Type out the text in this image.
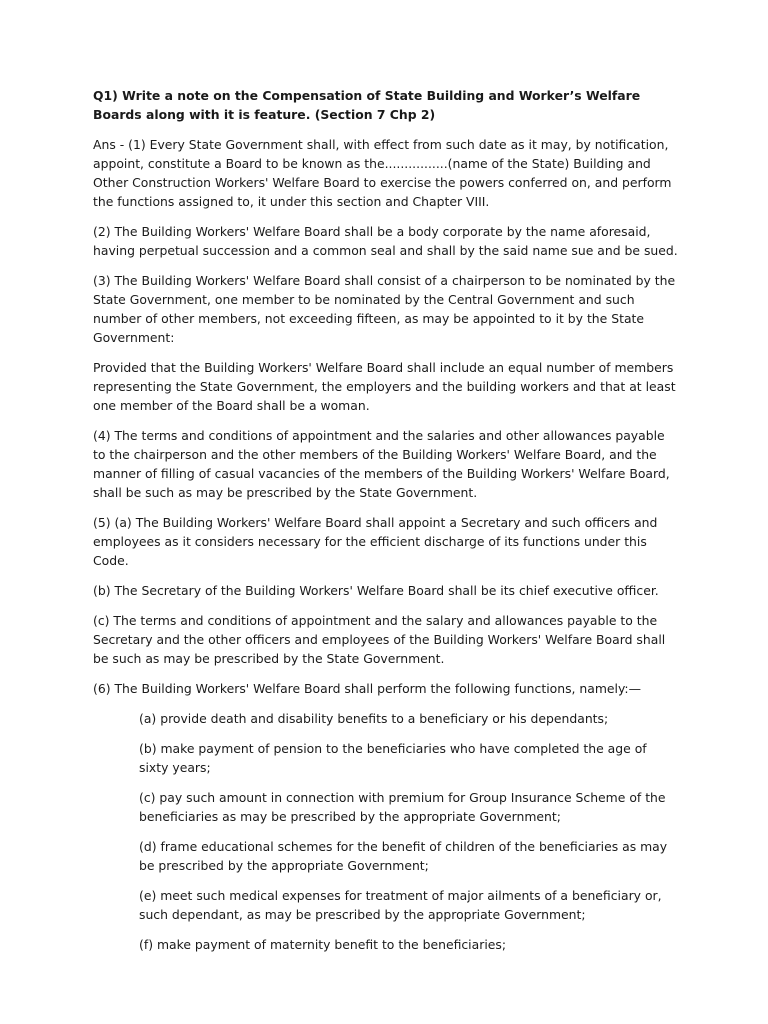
Q1) Write a note on the Compensation of State Building and Worker’s Welfare Boards along with it is feature. (Section 7 Chp 2)

Ans - (1) Every State Government shall, with effect from such date as it may, by notification, appoint, constitute a Board to be known as the................(name of the State) Building and Other Construction Workers' Welfare Board to exercise the powers conferred on, and perform the functions assigned to, it under this section and Chapter VIII.

(2) The Building Workers' Welfare Board shall be a body corporate by the name aforesaid, having perpetual succession and a common seal and shall by the said name sue and be sued.

(3) The Building Workers' Welfare Board shall consist of a chairperson to be nominated by the State Government, one member to be nominated by the Central Government and such number of other members, not exceeding fifteen, as may be appointed to it by the State Government:

Provided that the Building Workers' Welfare Board shall include an equal number of members representing the State Government, the employers and the building workers and that at least one member of the Board shall be a woman.

(4) The terms and conditions of appointment and the salaries and other allowances payable to the chairperson and the other members of the Building Workers' Welfare Board, and the manner of filling of casual vacancies of the members of the Building Workers' Welfare Board, shall be such as may be prescribed by the State Government.

(5) (a) The Building Workers' Welfare Board shall appoint a Secretary and such officers and employees as it considers necessary for the efficient discharge of its functions under this Code.

(b) The Secretary of the Building Workers' Welfare Board shall be its chief executive officer.

(c) The terms and conditions of appointment and the salary and allowances payable to the Secretary and the other officers and employees of the Building Workers' Welfare Board shall be such as may be prescribed by the State Government.

(6) The Building Workers' Welfare Board shall perform the following functions, namely:—

(a) provide death and disability benefits to a beneficiary or his dependants;

(b) make payment of pension to the beneficiaries who have completed the age of sixty years;

(c) pay such amount in connection with premium for Group Insurance Scheme of the beneficiaries as may be prescribed by the appropriate Government;

(d) frame educational schemes for the benefit of children of the beneficiaries as may be prescribed by the appropriate Government;

(e) meet such medical expenses for treatment of major ailments of a beneficiary or, such dependant, as may be prescribed by the appropriate Government;

(f) make payment of maternity benefit to the beneficiaries;
